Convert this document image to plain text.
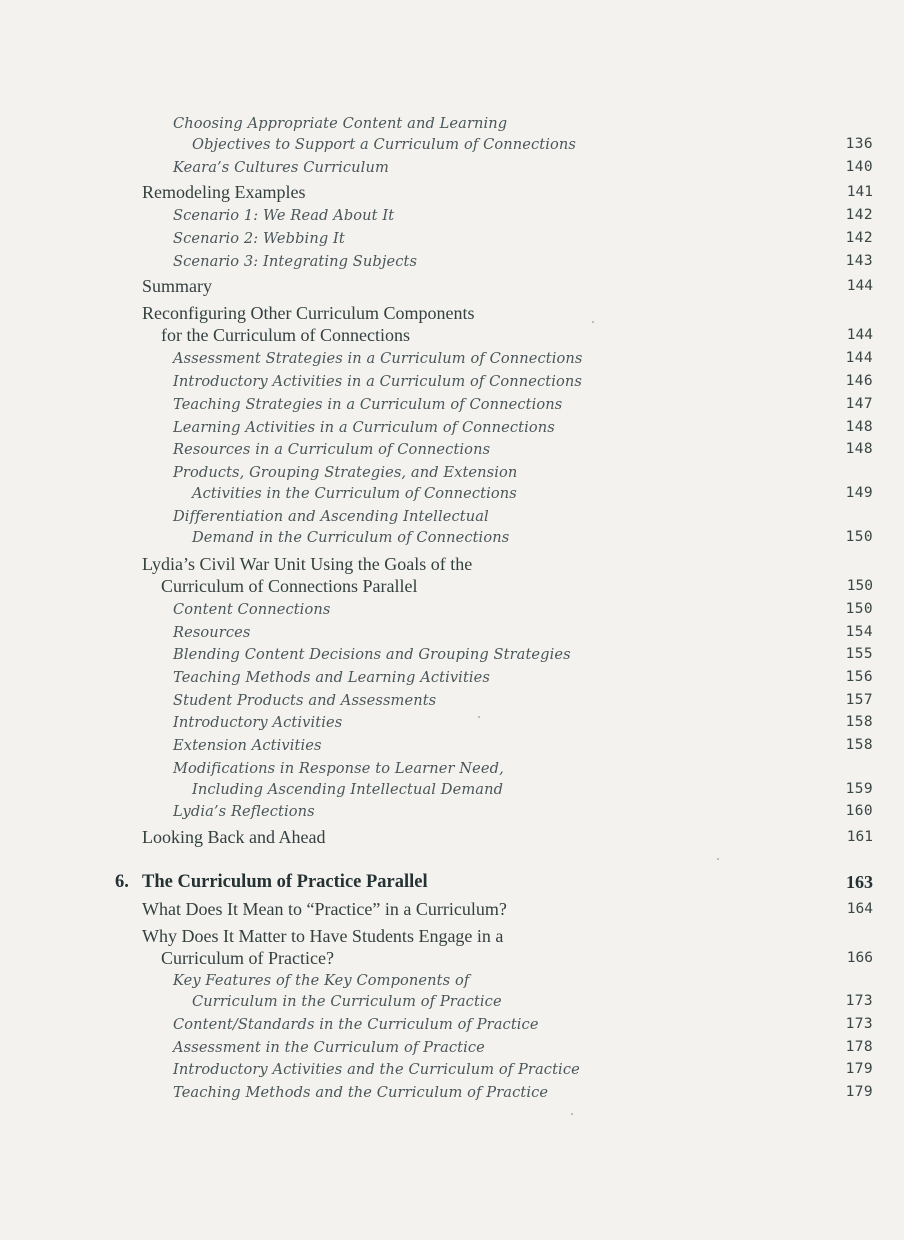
Choosing Appropriate Content and Learning
Objectives to Support a Curriculum of Connections	136
Keara’s Cultures Curriculum	140
Remodeling Examples	141
Scenario 1: We Read About It	142
Scenario 2: Webbing It	142
Scenario 3: Integrating Subjects	143
Summary	144
Reconfiguring Other Curriculum Components
for the Curriculum of Connections	144
Assessment Strategies in a Curriculum of Connections	144
Introductory Activities in a Curriculum of Connections	146
Teaching Strategies in a Curriculum of Connections	147
Learning Activities in a Curriculum of Connections	148
Resources in a Curriculum of Connections	148
Products, Grouping Strategies, and Extension
Activities in the Curriculum of Connections	149
Differentiation and Ascending Intellectual
Demand in the Curriculum of Connections	150
Lydia’s Civil War Unit Using the Goals of the
Curriculum of Connections Parallel	150
Content Connections	150
Resources	154
Blending Content Decisions and Grouping Strategies	155
Teaching Methods and Learning Activities	156
Student Products and Assessments	157
Introductory Activities	158
Extension Activities	158
Modifications in Response to Learner Need,
Including Ascending Intellectual Demand	159
Lydia’s Reflections	160
Looking Back and Ahead	161
6. The Curriculum of Practice Parallel	163
What Does It Mean to “Practice” in a Curriculum?	164
Why Does It Matter to Have Students Engage in a
Curriculum of Practice?	166
Key Features of the Key Components of
Curriculum in the Curriculum of Practice	173
Content/Standards in the Curriculum of Practice	173
Assessment in the Curriculum of Practice	178
Introductory Activities and the Curriculum of Practice	179
Teaching Methods and the Curriculum of Practice	179
